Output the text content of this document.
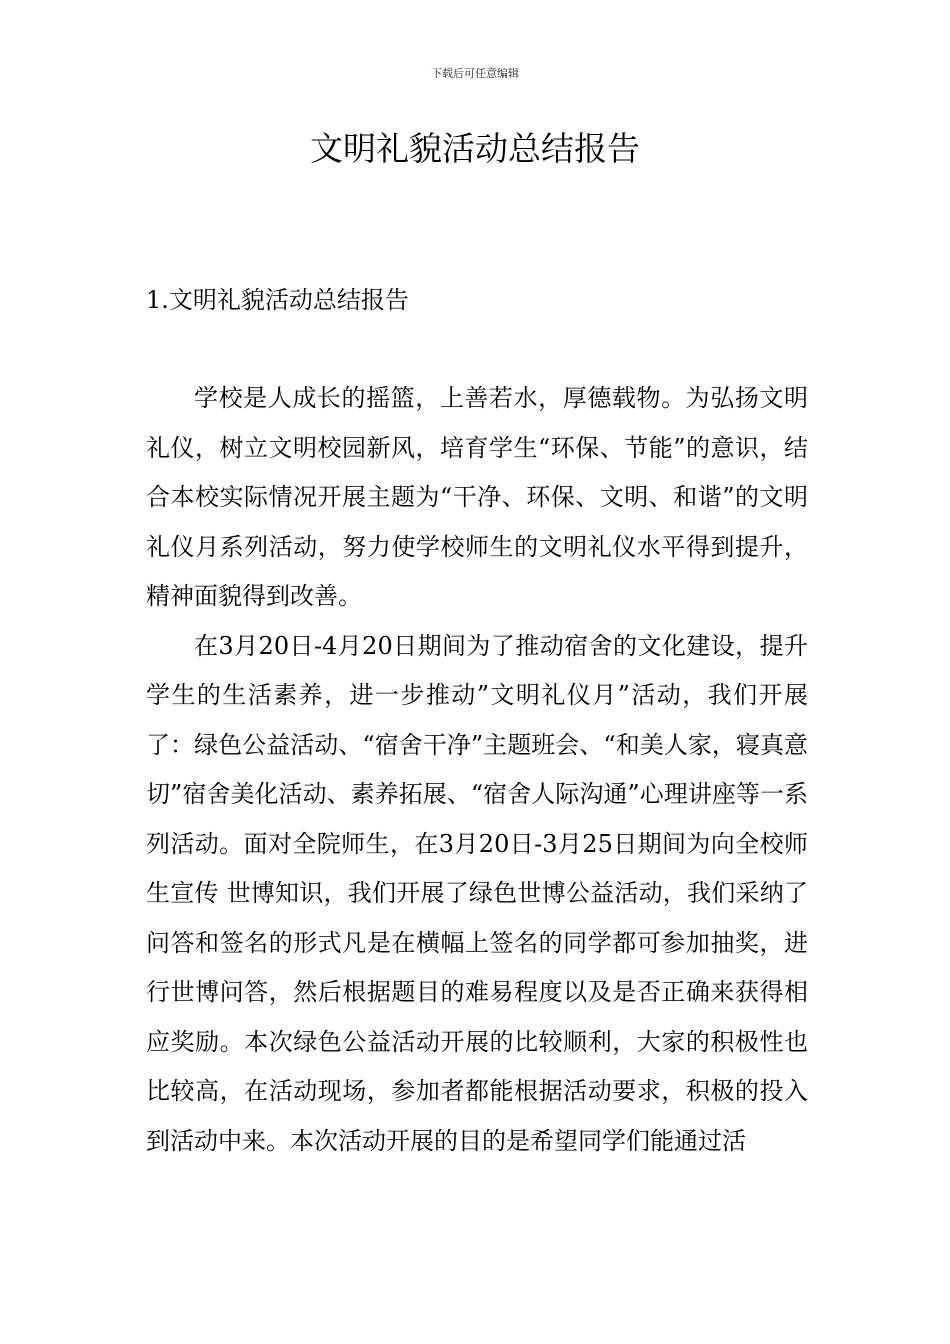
下载后可任意编辑
文明礼貌活动总结报告
1.文明礼貌活动总结报告

学校是人成长的摇篮，上善若水，厚德载物。为弘扬文明礼仪，树立文明校园新风，培育学生“环保、节能”的意识，结合本校实际情况开展主题为“干净、环保、文明、和谐”的文明礼仪月系列活动，努力使学校师生的文明礼仪水平得到提升，精神面貌得到改善。

在3月20日-4月20日期间为了推动宿舍的文化建设，提升学生的生活素养，进一步推动”文明礼仪月”活动，我们开展了：绿色公益活动、“宿舍干净”主题班会、“和美人家，寝真意切”宿舍美化活动、素养拓展、“宿舍人际沟通”心理讲座等一系列活动。面对全院师生，在3月20日-3月25日期间为向全校师生宣传 世博知识，我们开展了绿色世博公益活动，我们采纳了问答和签名的形式凡是在横幅上签名的同学都可参加抽奖，进行世博问答，然后根据题目的难易程度以及是否正确来获得相应奖励。本次绿色公益活动开展的比较顺利，大家的积极性也比较高，在活动现场，参加者都能根据活动要求，积极的投入到活动中来。本次活动开展的目的是希望同学们能通过活
